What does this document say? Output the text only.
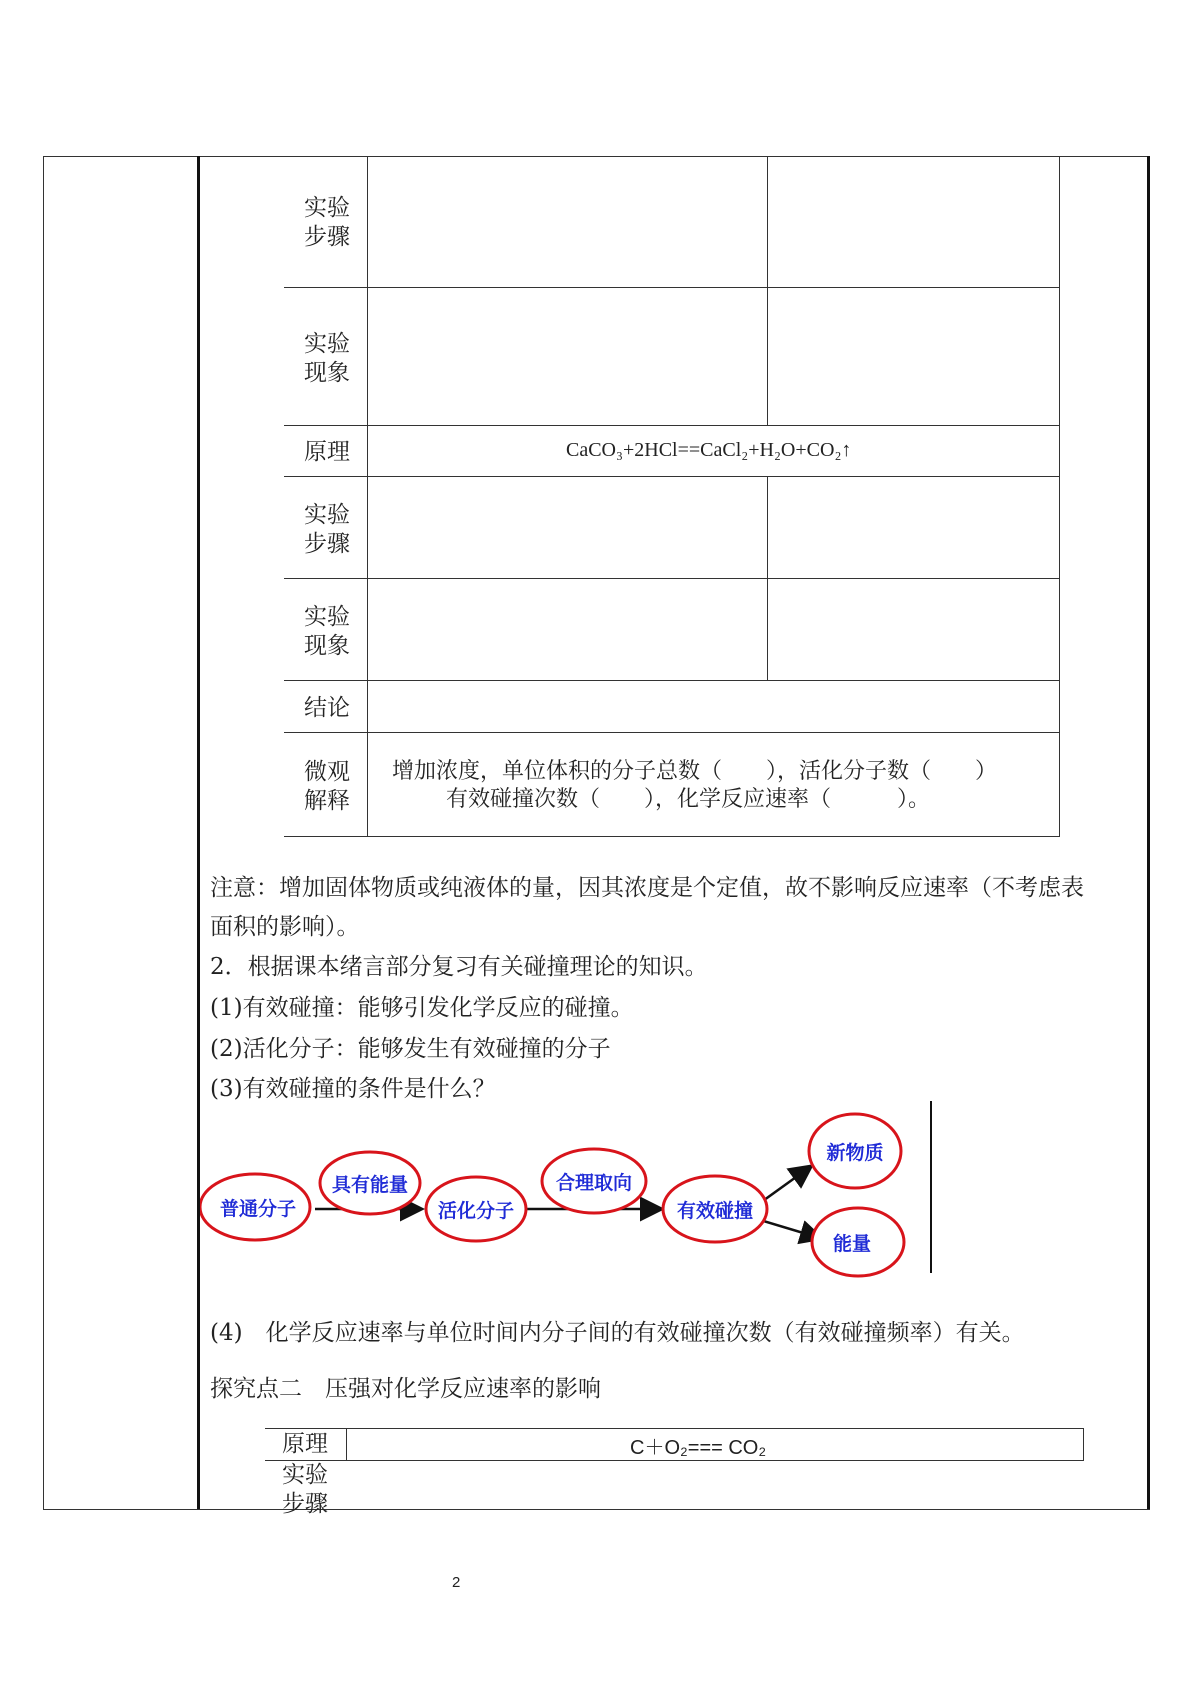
实验
步骤
实验
现象
原理
实验
步骤
实验
现象
结论
微观
解释
CaCO₃+2HCl==CaCl₂+H₂O+CO₂↑
增加浓度，单位体积的分子总数（　　），活化分子数（　　）
有效碰撞次数（　　），化学反应速率（　　　）。
注意：增加固体物质或纯液体的量，因其浓度是个定值，故不影响反应速率（不考虑表
面积的影响）。
2．根据课本绪言部分复习有关碰撞理论的知识。
(1)有效碰撞：能够引发化学反应的碰撞。
(2)活化分子：能够发生有效碰撞的分子
(3)有效碰撞的条件是什么？
普通分子
具有能量
活化分子
合理取向
有效碰撞
新物质
能量
(4)　化学反应速率与单位时间内分子间的有效碰撞次数（有效碰撞频率）有关。
探究点二　压强对化学反应速率的影响
原理	C＋O₂=== CO₂
实验
步骤
2
